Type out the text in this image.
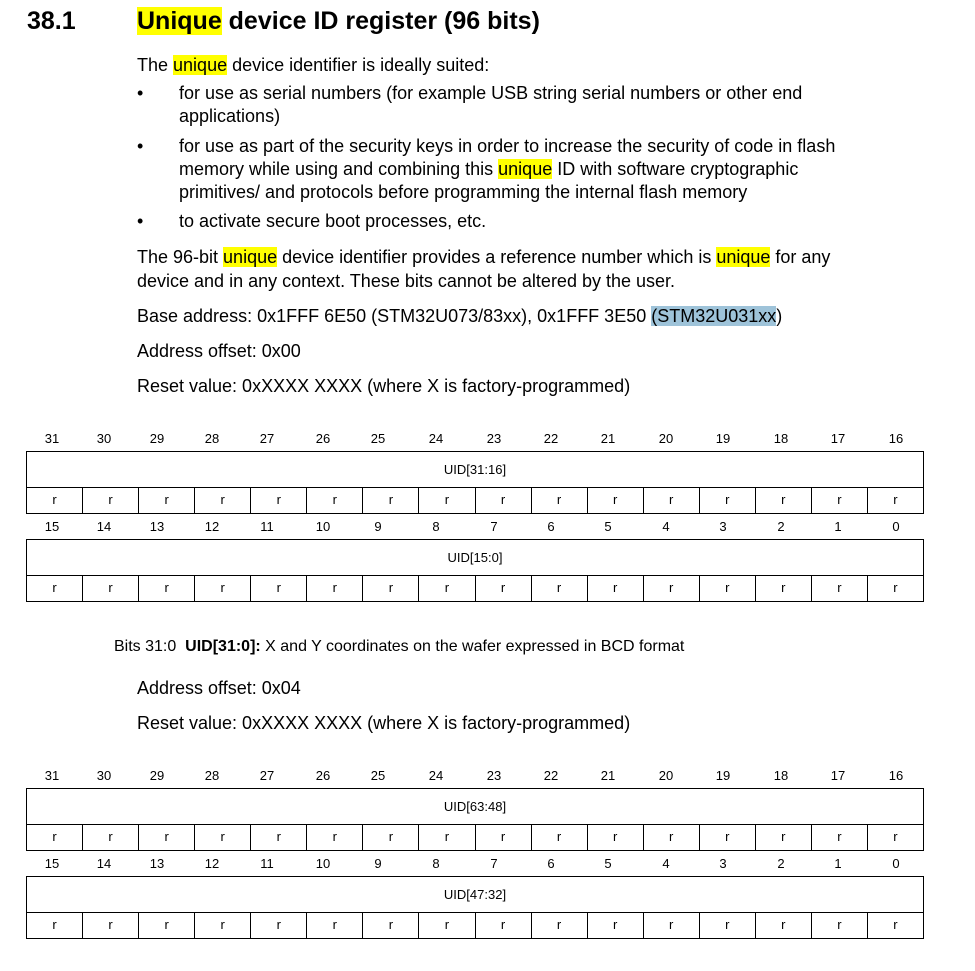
38.1 Unique device ID register (96 bits)
The unique device identifier is ideally suited:
• for use as serial numbers (for example USB string serial numbers or other end
applications)
• for use as part of the security keys in order to increase the security of code in flash
memory while using and combining this unique ID with software cryptographic
primitives/ and protocols before programming the internal flash memory
• to activate secure boot processes, etc.
The 96-bit unique device identifier provides a reference number which is unique for any
device and in any context. These bits cannot be altered by the user.
Base address: 0x1FFF 6E50 (STM32U073/83xx), 0x1FFF 3E50 (STM32U031xx)
Address offset: 0x00
Reset value: 0xXXXX XXXX (where X is factory-programmed)
31	30	29	28	27	26	25	24	23	22	21	20	19	18	17	16
UID[31:16]
r	r	r	r	r	r	r	r	r	r	r	r	r	r	r	r
15	14	13	12	11	10	9	8	7	6	5	4	3	2	1	0
UID[15:0]
r	r	r	r	r	r	r	r	r	r	r	r	r	r	r	r
Bits 31:0 UID[31:0]: X and Y coordinates on the wafer expressed in BCD format
Address offset: 0x04
Reset value: 0xXXXX XXXX (where X is factory-programmed)
31	30	29	28	27	26	25	24	23	22	21	20	19	18	17	16
UID[63:48]
r	r	r	r	r	r	r	r	r	r	r	r	r	r	r	r
15	14	13	12	11	10	9	8	7	6	5	4	3	2	1	0
UID[47:32]
r	r	r	r	r	r	r	r	r	r	r	r	r	r	r	r
